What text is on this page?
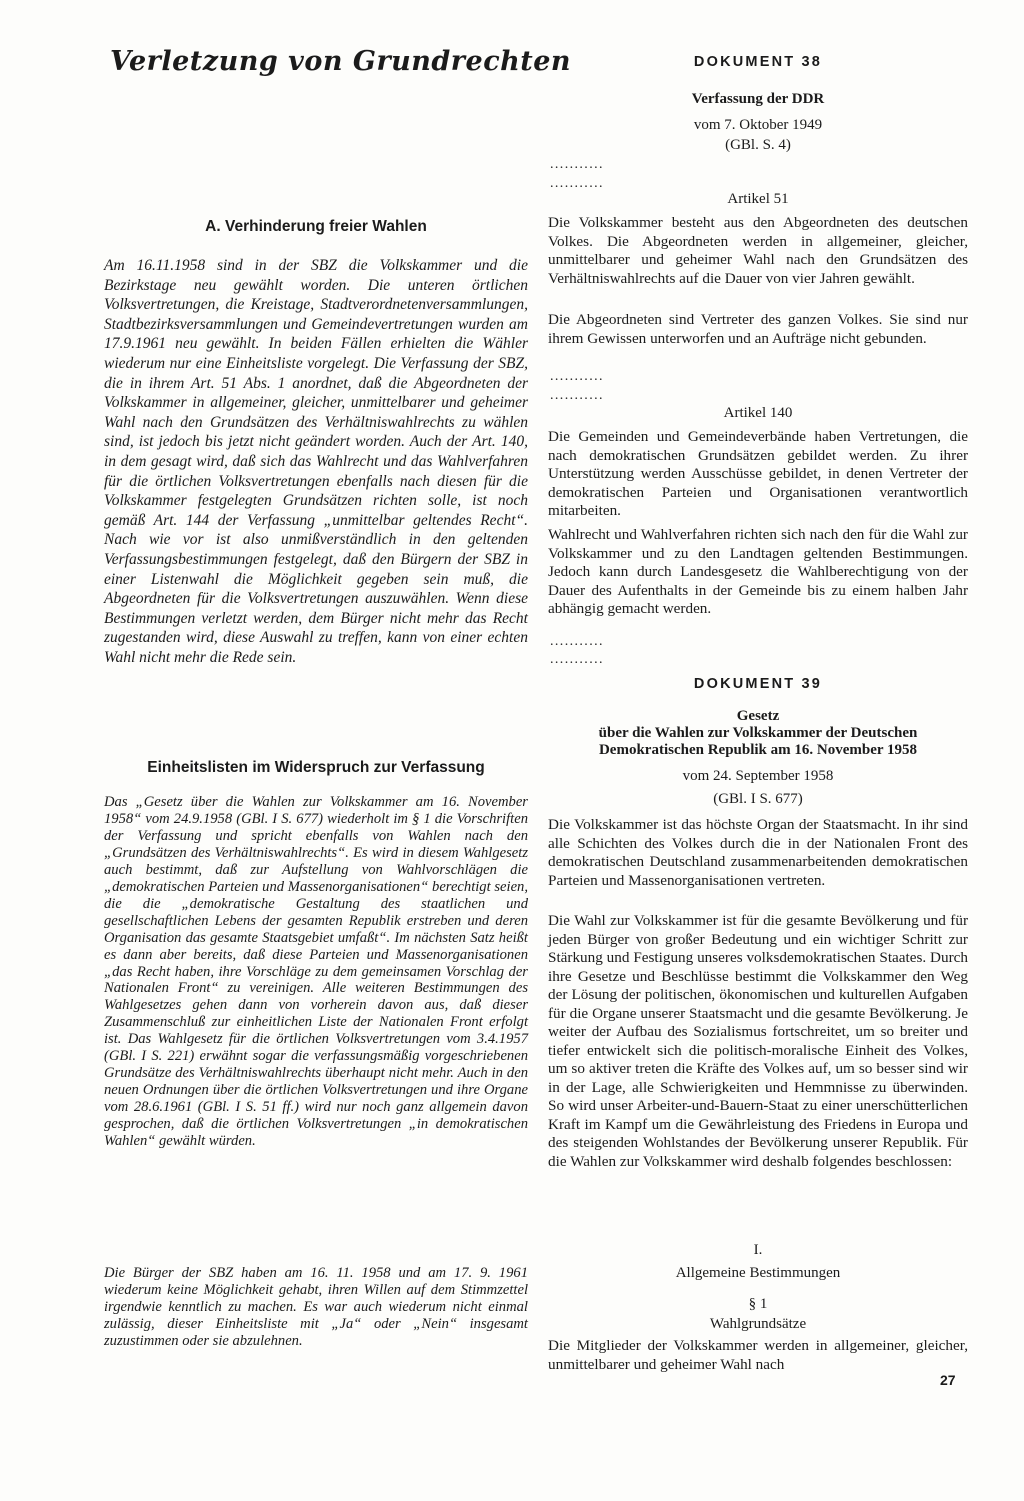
Verletzung von Grundrechten
A. Verhinderung freier Wahlen

Am 16.11.1958 sind in der SBZ die Volkskammer und die Bezirkstage neu gewählt worden. Die unteren örtlichen Volksvertretungen, die Kreistage, Stadtverordnetenversammlungen, Stadtbezirksversammlungen und Gemeindevertretungen wurden am 17.9.1961 neu gewählt. In beiden Fällen erhielten die Wähler wiederum nur eine Einheitsliste vorgelegt. Die Verfassung der SBZ, die in ihrem Art. 51 Abs. 1 anordnet, daß die Abgeordneten der Volkskammer in allgemeiner, gleicher, unmittelbarer und geheimer Wahl nach den Grundsätzen des Verhältniswahlrechts zu wählen sind, ist jedoch bis jetzt nicht geändert worden. Auch der Art. 140, in dem gesagt wird, daß sich das Wahlrecht und das Wahlverfahren für die örtlichen Volksvertretungen ebenfalls nach diesen für die Volkskammer festgelegten Grundsätzen richten solle, ist noch gemäß Art. 144 der Verfassung „unmittelbar geltendes Recht“. Nach wie vor ist also unmißverständlich in den geltenden Verfassungsbestimmungen festgelegt, daß den Bürgern der SBZ in einer Listenwahl die Möglichkeit gegeben sein muß, die Abgeordneten für die Volksvertretungen auszuwählen. Wenn diese Bestimmungen verletzt werden, dem Bürger nicht mehr das Recht zugestanden wird, diese Auswahl zu treffen, kann von einer echten Wahl nicht mehr die Rede sein.

Einheitslisten im Widerspruch zur Verfassung

Das „Gesetz über die Wahlen zur Volkskammer am 16. November 1958“ vom 24.9.1958 (GBl. I S. 677) wiederholt im § 1 die Vorschriften der Verfassung und spricht ebenfalls von Wahlen nach den „Grundsätzen des Verhältniswahlrechts“. Es wird in diesem Wahlgesetz auch bestimmt, daß zur Aufstellung von Wahlvorschlägen die „demokratischen Parteien und Massenorganisationen“ berechtigt seien, die die „demokratische Gestaltung des staatlichen und gesellschaftlichen Lebens der gesamten Republik erstreben und deren Organisation das gesamte Staatsgebiet umfaßt“. Im nächsten Satz heißt es dann aber bereits, daß diese Parteien und Massenorganisationen „das Recht haben, ihre Vorschläge zu dem gemeinsamen Vorschlag der Nationalen Front“ zu vereinigen. Alle weiteren Bestimmungen des Wahlgesetzes gehen dann von vorherein davon aus, daß dieser Zusammenschluß zur einheitlichen Liste der Nationalen Front erfolgt ist. Das Wahlgesetz für die örtlichen Volksvertretungen vom 3.4.1957 (GBl. I S. 221) erwähnt sogar die verfassungsmäßig vorgeschriebenen Grundsätze des Verhältniswahlrechts überhaupt nicht mehr. Auch in den neuen Ordnungen über die örtlichen Volksvertretungen und ihre Organe vom 28.6.1961 (GBl. I S. 51 ff.) wird nur noch ganz allgemein davon gesprochen, daß die örtlichen Volksvertretungen „in demokratischen Wahlen“ gewählt würden.

Die Bürger der SBZ haben am 16. 11. 1958 und am 17. 9. 1961 wiederum keine Möglichkeit gehabt, ihren Willen auf dem Stimmzettel irgendwie kenntlich zu machen. Es war auch wiederum nicht einmal zulässig, dieser Einheitsliste mit „Ja“ oder „Nein“ insgesamt zuzustimmen oder sie abzulehnen.

DOKUMENT 38

Verfassung der DDR

vom 7. Oktober 1949

(GBl. S. 4)

...........

...........

Artikel 51

Die Volkskammer besteht aus den Abgeordneten des deutschen Volkes. Die Abgeordneten werden in allgemeiner, gleicher, unmittelbarer und geheimer Wahl nach den Grundsätzen des Verhältniswahlrechts auf die Dauer von vier Jahren gewählt.

Die Abgeordneten sind Vertreter des ganzen Volkes. Sie sind nur ihrem Gewissen unterworfen und an Aufträge nicht gebunden.

...........

...........

Artikel 140

Die Gemeinden und Gemeindeverbände haben Vertretungen, die nach demokratischen Grundsätzen gebildet werden. Zu ihrer Unterstützung werden Ausschüsse gebildet, in denen Vertreter der demokratischen Parteien und Organisationen verantwortlich mitarbeiten.

Wahlrecht und Wahlverfahren richten sich nach den für die Wahl zur Volkskammer und zu den Landtagen geltenden Bestimmungen. Jedoch kann durch Landesgesetz die Wahlberechtigung von der Dauer des Aufenthalts in der Gemeinde bis zu einem halben Jahr abhängig gemacht werden.

...........

...........

DOKUMENT 39

Gesetz

über die Wahlen zur Volkskammer der Deutschen

Demokratischen Republik am 16. November 1958

vom 24. September 1958

(GBl. I S. 677)

Die Volkskammer ist das höchste Organ der Staatsmacht. In ihr sind alle Schichten des Volkes durch die in der Nationalen Front des demokratischen Deutschland zusammenarbeitenden demokratischen Parteien und Massenorganisationen vertreten.

Die Wahl zur Volkskammer ist für die gesamte Bevölkerung und für jeden Bürger von großer Bedeutung und ein wichtiger Schritt zur Stärkung und Festigung unseres volksdemokratischen Staates. Durch ihre Gesetze und Beschlüsse bestimmt die Volkskammer den Weg der Lösung der politischen, ökonomischen und kulturellen Aufgaben für die Organe unserer Staatsmacht und die gesamte Bevölkerung. Je weiter der Aufbau des Sozialismus fortschreitet, um so breiter und tiefer entwickelt sich die politisch-moralische Einheit des Volkes, um so aktiver treten die Kräfte des Volkes auf, um so besser sind wir in der Lage, alle Schwierigkeiten und Hemmnisse zu überwinden. So wird unser Arbeiter-und-Bauern-Staat zu einer unerschütterlichen Kraft im Kampf um die Gewährleistung des Friedens in Europa und des steigenden Wohlstandes der Bevölkerung unserer Republik. Für die Wahlen zur Volkskammer wird deshalb folgendes beschlossen:

I.

Allgemeine Bestimmungen

§ 1

Wahlgrundsätze

Die Mitglieder der Volkskammer werden in allgemeiner, gleicher, unmittelbarer und geheimer Wahl nach

27
